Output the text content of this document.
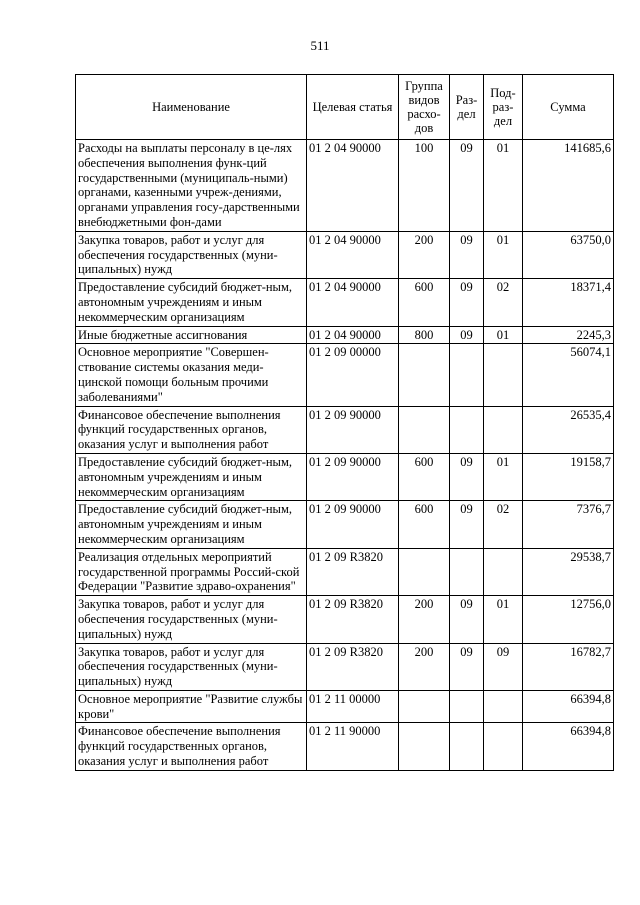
511
Наименование	Целевая статья	Группа видов расхо-дов	Раз-дел	Под-раз-дел	Сумма
Расходы на выплаты персоналу в це-лях обеспечения выполнения функ-ций государственными (муниципаль-ными) органами, казенными учреж-дениями, органами управления госу-дарственными внебюджетными фон-дами	01 2 04 90000	100	09	01	141685,6
Закупка товаров, работ и услуг для обеспечения государственных (муни-ципальных) нужд	01 2 04 90000	200	09	01	63750,0
Предоставление субсидий бюджет-ным, автономным учреждениям и иным некоммерческим организациям	01 2 04 90000	600	09	02	18371,4
Иные бюджетные ассигнования	01 2 04 90000	800	09	01	2245,3
Основное мероприятие "Совершен-ствование системы оказания меди-цинской помощи больным прочими заболеваниями"	01 2 09 00000				56074,1
Финансовое обеспечение выполнения функций государственных органов, оказания услуг и выполнения работ	01 2 09 90000				26535,4
Предоставление субсидий бюджет-ным, автономным учреждениям и иным некоммерческим организациям	01 2 09 90000	600	09	01	19158,7
Предоставление субсидий бюджет-ным, автономным учреждениям и иным некоммерческим организациям	01 2 09 90000	600	09	02	7376,7
Реализация отдельных мероприятий государственной программы Россий-ской Федерации "Развитие здраво-охранения"	01 2 09 R3820				29538,7
Закупка товаров, работ и услуг для обеспечения государственных (муни-ципальных) нужд	01 2 09 R3820	200	09	01	12756,0
Закупка товаров, работ и услуг для обеспечения государственных (муни-ципальных) нужд	01 2 09 R3820	200	09	09	16782,7
Основное мероприятие "Развитие службы крови"	01 2 11 00000				66394,8
Финансовое обеспечение выполнения функций государственных органов, оказания услуг и выполнения работ	01 2 11 90000				66394,8
